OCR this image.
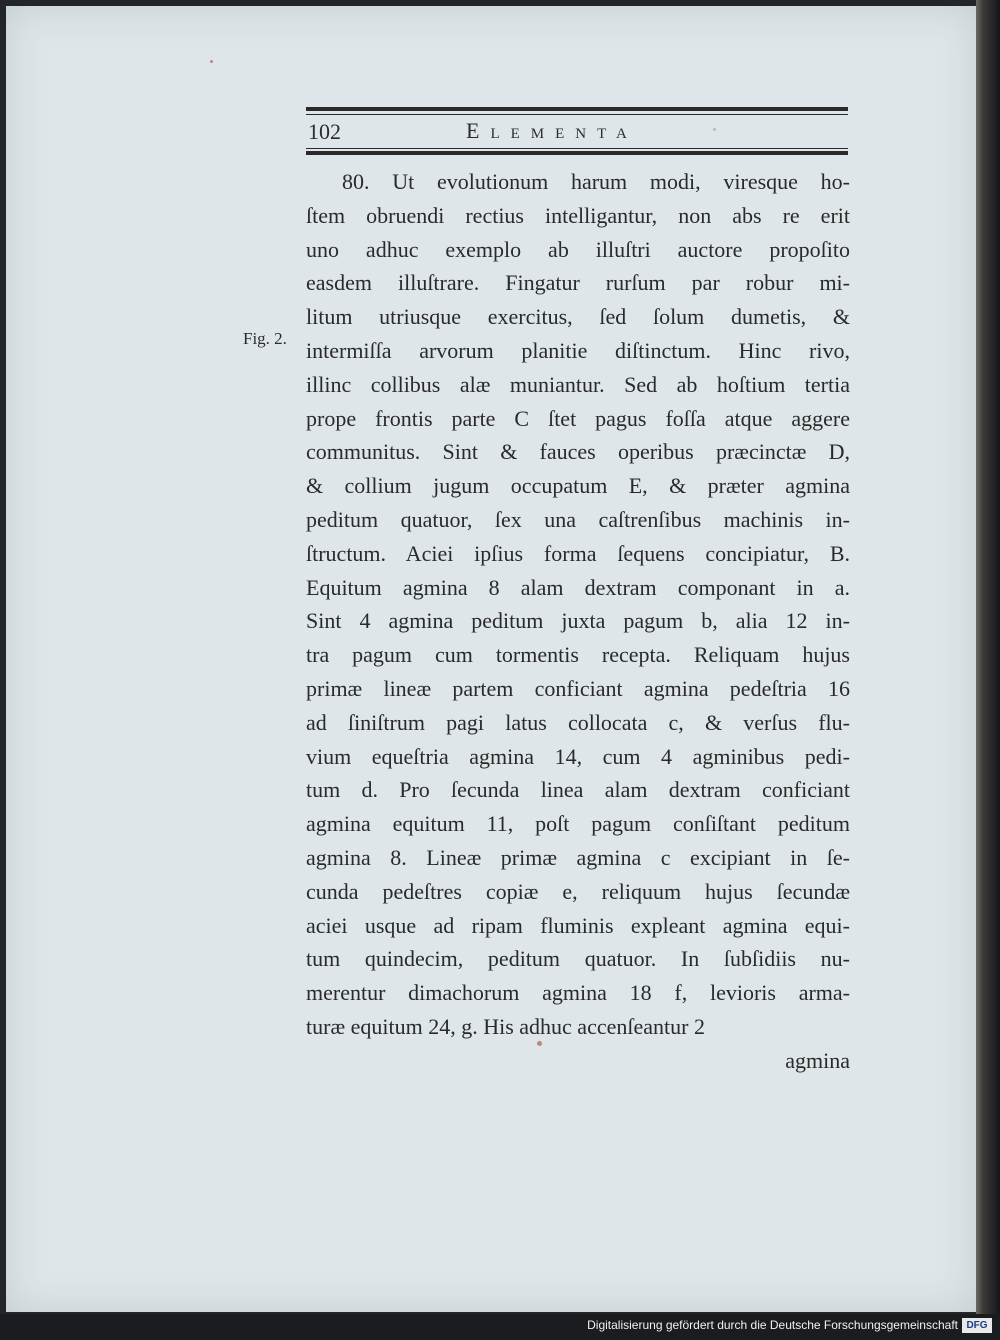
102	Elementa
Fig. 2.
80. Ut evolutionum harum modi, viresque ho-
ſtem obruendi rectius intelligantur, non abs re erit
uno adhuc exemplo ab illuſtri auctore propoſito
easdem illuſtrare. Fingatur rurſum par robur mi-
litum utriusque exercitus, ſed ſolum dumetis, &
intermiſſa arvorum planitie diſtinctum. Hinc rivo,
illinc collibus alæ muniantur. Sed ab hoſtium tertia
prope frontis parte C ſtet pagus foſſa atque aggere
communitus. Sint & fauces operibus præcinctæ D,
& collium jugum occupatum E, & præter agmina
peditum quatuor, ſex una caſtrenſibus machinis in-
ſtructum. Aciei ipſius forma ſequens concipiatur, B.
Equitum agmina 8 alam dextram componant in a.
Sint 4 agmina peditum juxta pagum b, alia 12 in-
tra pagum cum tormentis recepta. Reliquam hujus
primæ lineæ partem conficiant agmina pedeſtria 16
ad ſiniſtrum pagi latus collocata c, & verſus flu-
vium equeſtria agmina 14, cum 4 agminibus pedi-
tum d. Pro ſecunda linea alam dextram conficiant
agmina equitum 11, poſt pagum conſiſtant peditum
agmina 8. Lineæ primæ agmina c excipiant in ſe-
cunda pedeſtres copiæ e, reliquum hujus ſecundæ
aciei usque ad ripam fluminis expleant agmina equi-
tum quindecim, peditum quatuor. In ſubſidiis nu-
merentur dimachorum agmina 18 f, levioris arma-
turæ equitum 24, g. His adhuc accenſeantur 2
agmina
Digitalisierung gefördert durch die Deutsche Forschungsgemeinschaft DFG
